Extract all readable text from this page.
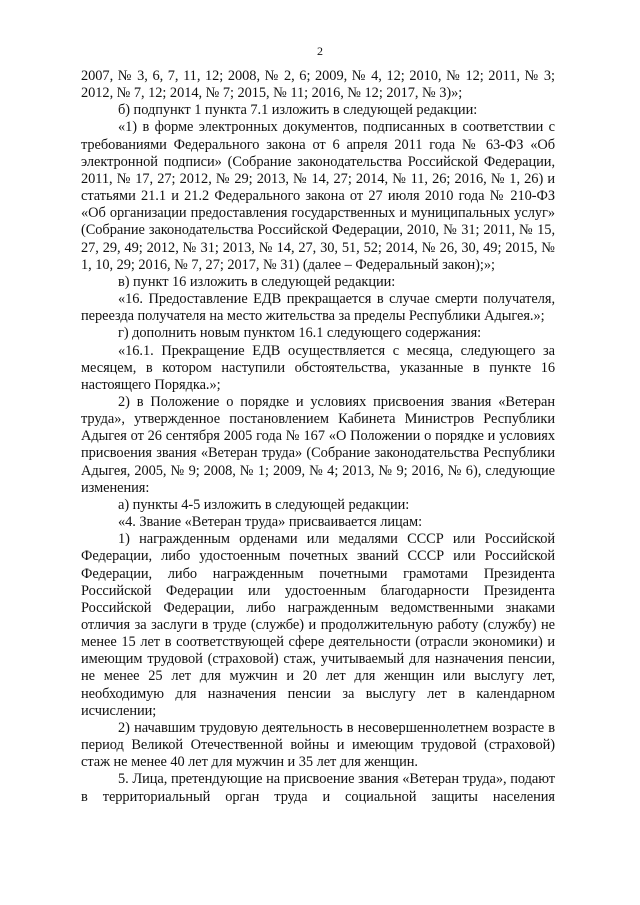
2

2007, № 3, 6, 7, 11, 12; 2008, № 2, 6; 2009, № 4, 12; 2010, № 12; 2011, № 3; 2012, № 7, 12; 2014, № 7; 2015, № 11; 2016, № 12; 2017, № 3)»;

б) подпункт 1 пункта 7.1 изложить в следующей редакции:

«1) в форме электронных документов, подписанных в соответствии с требованиями Федерального закона от 6 апреля 2011 года № 63-ФЗ «Об электронной подписи» (Собрание законодательства Российской Федерации, 2011, № 17, 27; 2012, № 29; 2013, № 14, 27; 2014, № 11, 26; 2016, № 1, 26) и статьями 21.1 и 21.2 Федерального закона от 27 июля 2010 года № 210-ФЗ «Об организации предоставления государственных и муниципальных услуг» (Собрание законодательства Российской Федерации, 2010, № 31; 2011, № 15, 27, 29, 49; 2012, № 31; 2013, № 14, 27, 30, 51, 52; 2014, № 26, 30, 49; 2015, № 1, 10, 29; 2016, № 7, 27; 2017, № 31) (далее – Федеральный закон);»;

в) пункт 16 изложить в следующей редакции:

«16. Предоставление ЕДВ прекращается в случае смерти получателя, переезда получателя на место жительства за пределы Республики Адыгея.»;

г) дополнить новым пунктом 16.1 следующего содержания:

«16.1. Прекращение ЕДВ осуществляется с месяца, следующего за месяцем, в котором наступили обстоятельства, указанные в пункте 16 настоящего Порядка.»;

2) в Положение о порядке и условиях присвоения звания «Ветеран труда», утвержденное постановлением Кабинета Министров Республики Адыгея от 26 сентября 2005 года № 167 «О Положении о порядке и условиях присвоения звания «Ветеран труда» (Собрание законодательства Республики Адыгея, 2005, № 9; 2008, № 1; 2009, № 4; 2013, № 9; 2016, № 6), следующие изменения:

а) пункты 4-5 изложить в следующей редакции:

«4. Звание «Ветеран труда» присваивается лицам:

1) награжденным орденами или медалями СССР или Российской Федерации, либо удостоенным почетных званий СССР или Российской Федерации, либо награжденным почетными грамотами Президента Российской Федерации или удостоенным благодарности Президента Российской Федерации, либо награжденным ведомственными знаками отличия за заслуги в труде (службе) и продолжительную работу (службу) не менее 15 лет в соответствующей сфере деятельности (отрасли экономики) и имеющим трудовой (страховой) стаж, учитываемый для назначения пенсии, не менее 25 лет для мужчин и 20 лет для женщин или выслугу лет, необходимую для назначения пенсии за выслугу лет в календарном исчислении;

2) начавшим трудовую деятельность в несовершеннолетнем возрасте в период Великой Отечественной войны и имеющим трудовой (страховой) стаж не менее 40 лет для мужчин и 35 лет для женщин.

5. Лица, претендующие на присвоение звания «Ветеран труда», подают в территориальный орган труда и социальной защиты населения
